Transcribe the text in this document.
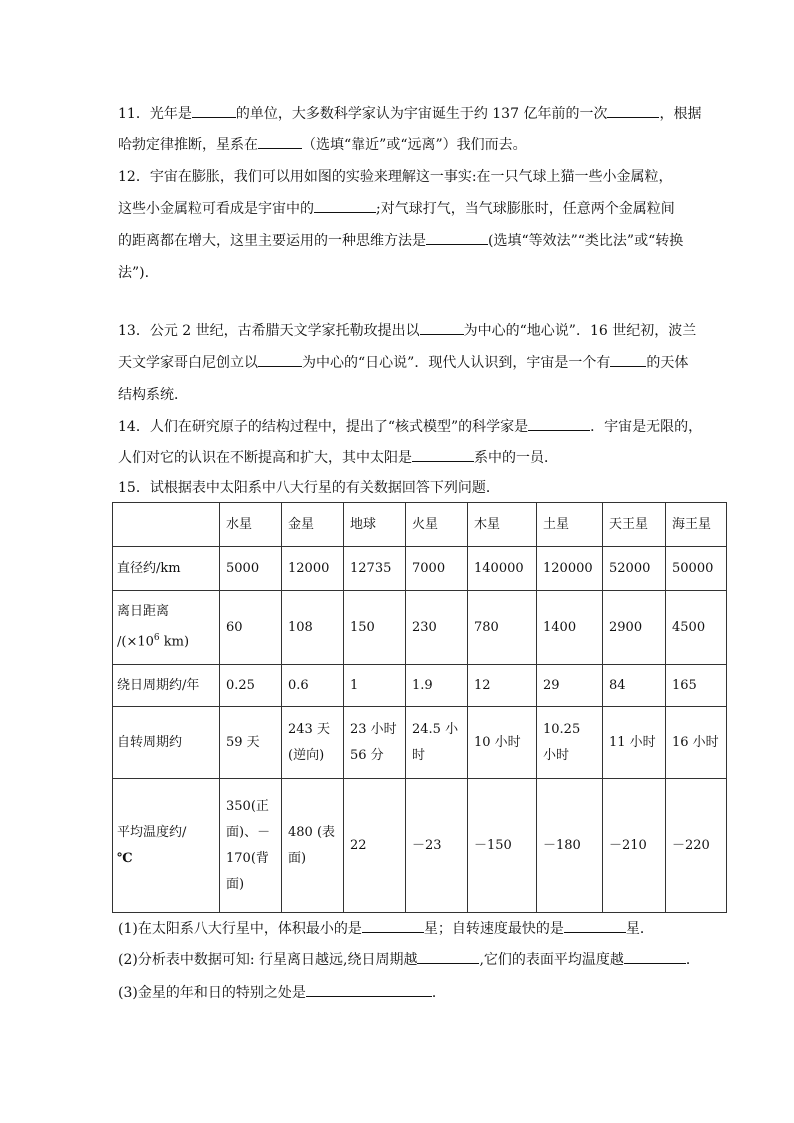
11．光年是	的单位，大多数科学家认为宇宙诞生于约 137 亿年前的一次	，根据
哈勃定律推断，星系在	（选填“靠近”或“远离”）我们而去。
12．宇宙在膨胀，我们可以用如图的实验来理解这一事实:在一只气球上猫一些小金属粒，
这些小金属粒可看成是宇宙中的	;对气球打气，当气球膨胀时，任意两个金属粒间
的距离都在增大，这里主要运用的一种思维方法是	(选填“等效法”“类比法”或“转换
法”).
13．公元 2 世纪，古希腊天文学家托勒玫提出以	为中心的“地心说”．16 世纪初，波兰
天文学家哥白尼创立以	为中心的“日心说”．现代人认识到，宇宙是一个有	的天体
结构系统．
14．人们在研究原子的结构过程中，提出了“核式模型”的科学家是	．宇宙是无限的，
人们对它的认识在不断提高和扩大，其中太阳是	系中的一员．
15．试根据表中太阳系中八大行星的有关数据回答下列问题．
	水星	金星	地球	火星	木星	土星	天王星	海王星
直径约/km	5000	12000	12735	7000	140000	120000	52000	50000

离日距离
$/(\times 10^6$ km)	60	108	150	230	780	1400	2900	4500
绕日周期约/年	0.25	0.6	1	1.9	12	29	84	165
自转周期约	59 天	243 天(逆向)	23 小时 56 分	24.5 小时	10 小时	10.25 小时	11 小时	16 小时

平均温度约/
℃	350(正面)、－170(背面)	480 (表面)	22	－23	－150	－180	－210	－220
(1)在太阳系八大行星中，体积最小的是	星；自转速度最快的是	星．
(2)分析表中数据可知: 行星离日越远,绕日周期越	,它们的表面平均温度越	．
(3)金星的年和日的特别之处是	．
